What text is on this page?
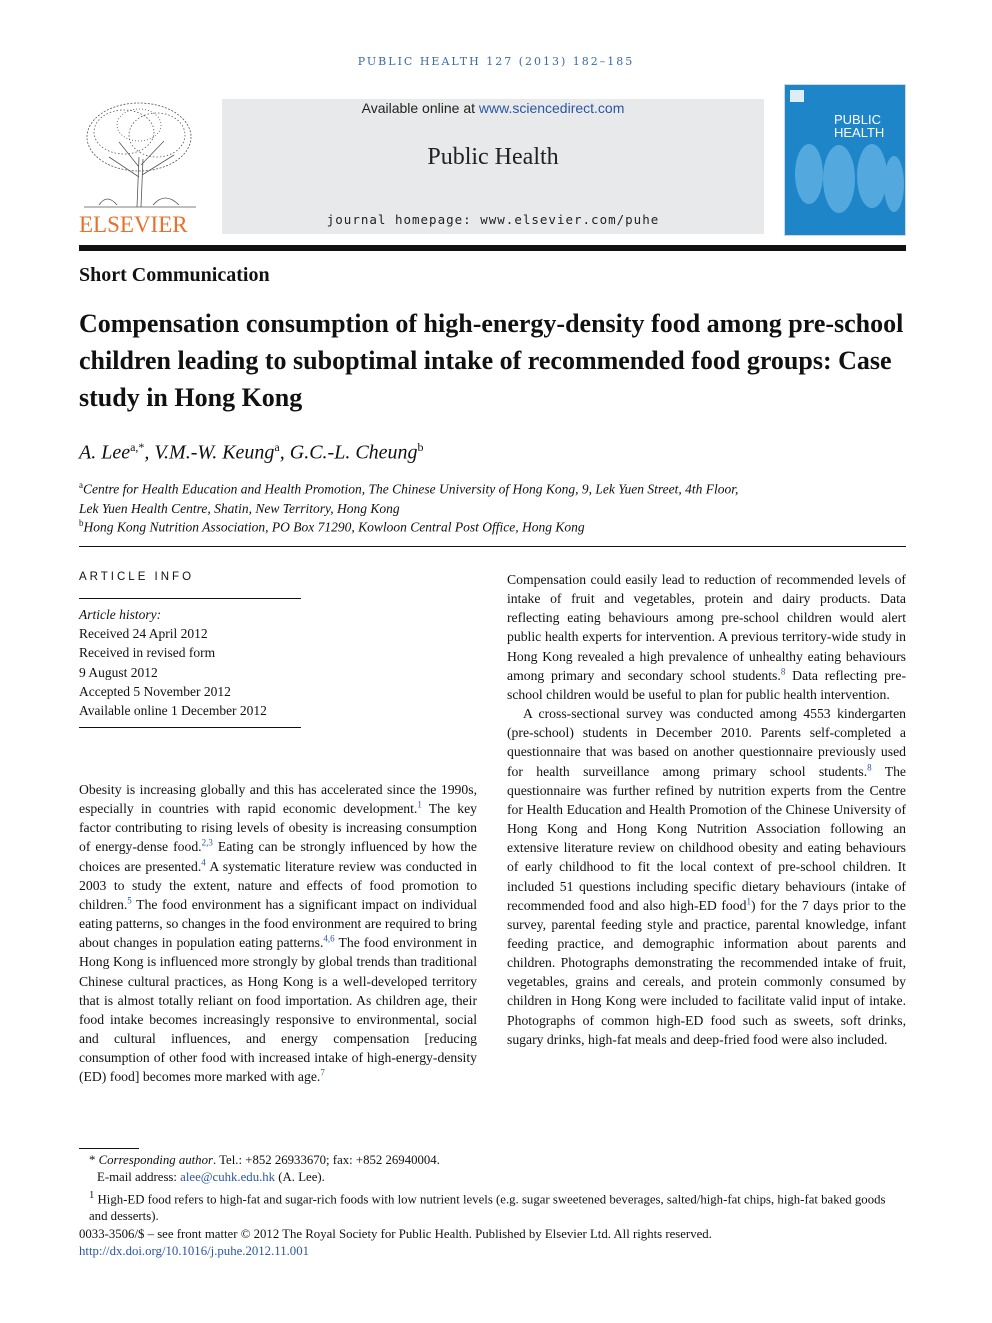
PUBLIC HEALTH 127 (2013) 182–185
ELSEVIER
Available online at www.sciencedirect.com
Public Health
journal homepage: www.elsevier.com/puhe
PUBLIC
HEALTH
Short Communication
Compensation consumption of high-energy-density food among pre-school children leading to suboptimal intake of recommended food groups: Case study in Hong Kong
A. Lee$^{a,*}$, V.M.-W. Keung$^a$, G.C.-L. Cheung$^b$
$^a$Centre for Health Education and Health Promotion, The Chinese University of Hong Kong, 9, Lek Yuen Street, 4th Floor,
Lek Yuen Health Centre, Shatin, New Territory, Hong Kong
$^b$Hong Kong Nutrition Association, PO Box 71290, Kowloon Central Post Office, Hong Kong
ARTICLE INFO
Article history:
Received 24 April 2012
Received in revised form
9 August 2012
Accepted 5 November 2012
Available online 1 December 2012

Obesity is increasing globally and this has accelerated since the 1990s, especially in countries with rapid economic development.$^1$ The key factor contributing to rising levels of obesity is increasing consumption of energy-dense food.$^{2,3}$ Eating can be strongly influenced by how the choices are presented.$^4$ A systematic literature review was conducted in 2003 to study the extent, nature and effects of food promotion to children.$^5$ The food environment has a significant impact on individual eating patterns, so changes in the food environment are required to bring about changes in population eating patterns.$^{4,6}$ The food environment in Hong Kong is influenced more strongly by global trends than traditional Chinese cultural practices, as Hong Kong is a well-developed territory that is almost totally reliant on food importation. As children age, their food intake becomes increasingly responsive to environmental, social and cultural influences, and energy compensation [reducing consumption of other food with increased intake of high-energy-density (ED) food] becomes more marked with age.$^7$

Compensation could easily lead to reduction of recommended levels of intake of fruit and vegetables, protein and dairy products. Data reflecting eating behaviours among pre-school children would alert public health experts for intervention. A previous territory-wide study in Hong Kong revealed a high prevalence of unhealthy eating behaviours among primary and secondary school students.$^8$ Data reflecting pre-school children would be useful to plan for public health intervention.

A cross-sectional survey was conducted among 4553 kindergarten (pre-school) students in December 2010. Parents self-completed a questionnaire that was based on another questionnaire previously used for health surveillance among primary school students.$^8$ The questionnaire was further refined by nutrition experts from the Centre for Health Education and Health Promotion of the Chinese University of Hong Kong and Hong Kong Nutrition Association following an extensive literature review on childhood obesity and eating behaviours of early childhood to fit the local context of pre-school children. It included 51 questions including specific dietary behaviours (intake of recommended food and also high-ED food$^1$) for the 7 days prior to the survey, parental feeding style and practice, parental knowledge, infant feeding practice, and demographic information about parents and children. Photographs demonstrating the recommended intake of fruit, vegetables, grains and cereals, and protein commonly consumed by children in Hong Kong were included to facilitate valid input of intake. Photographs of common high-ED food such as sweets, soft drinks, sugary drinks, high-fat meals and deep-fried food were also included.

* Corresponding author. Tel.: +852 26933670; fax: +852 26940004.

E-mail address: alee@cuhk.edu.hk (A. Lee).

$^1$ High-ED food refers to high-fat and sugar-rich foods with low nutrient levels (e.g. sugar sweetened beverages, salted/high-fat chips, high-fat baked goods and desserts).

0033-3506/$ – see front matter © 2012 The Royal Society for Public Health. Published by Elsevier Ltd. All rights reserved.

http://dx.doi.org/10.1016/j.puhe.2012.11.001
